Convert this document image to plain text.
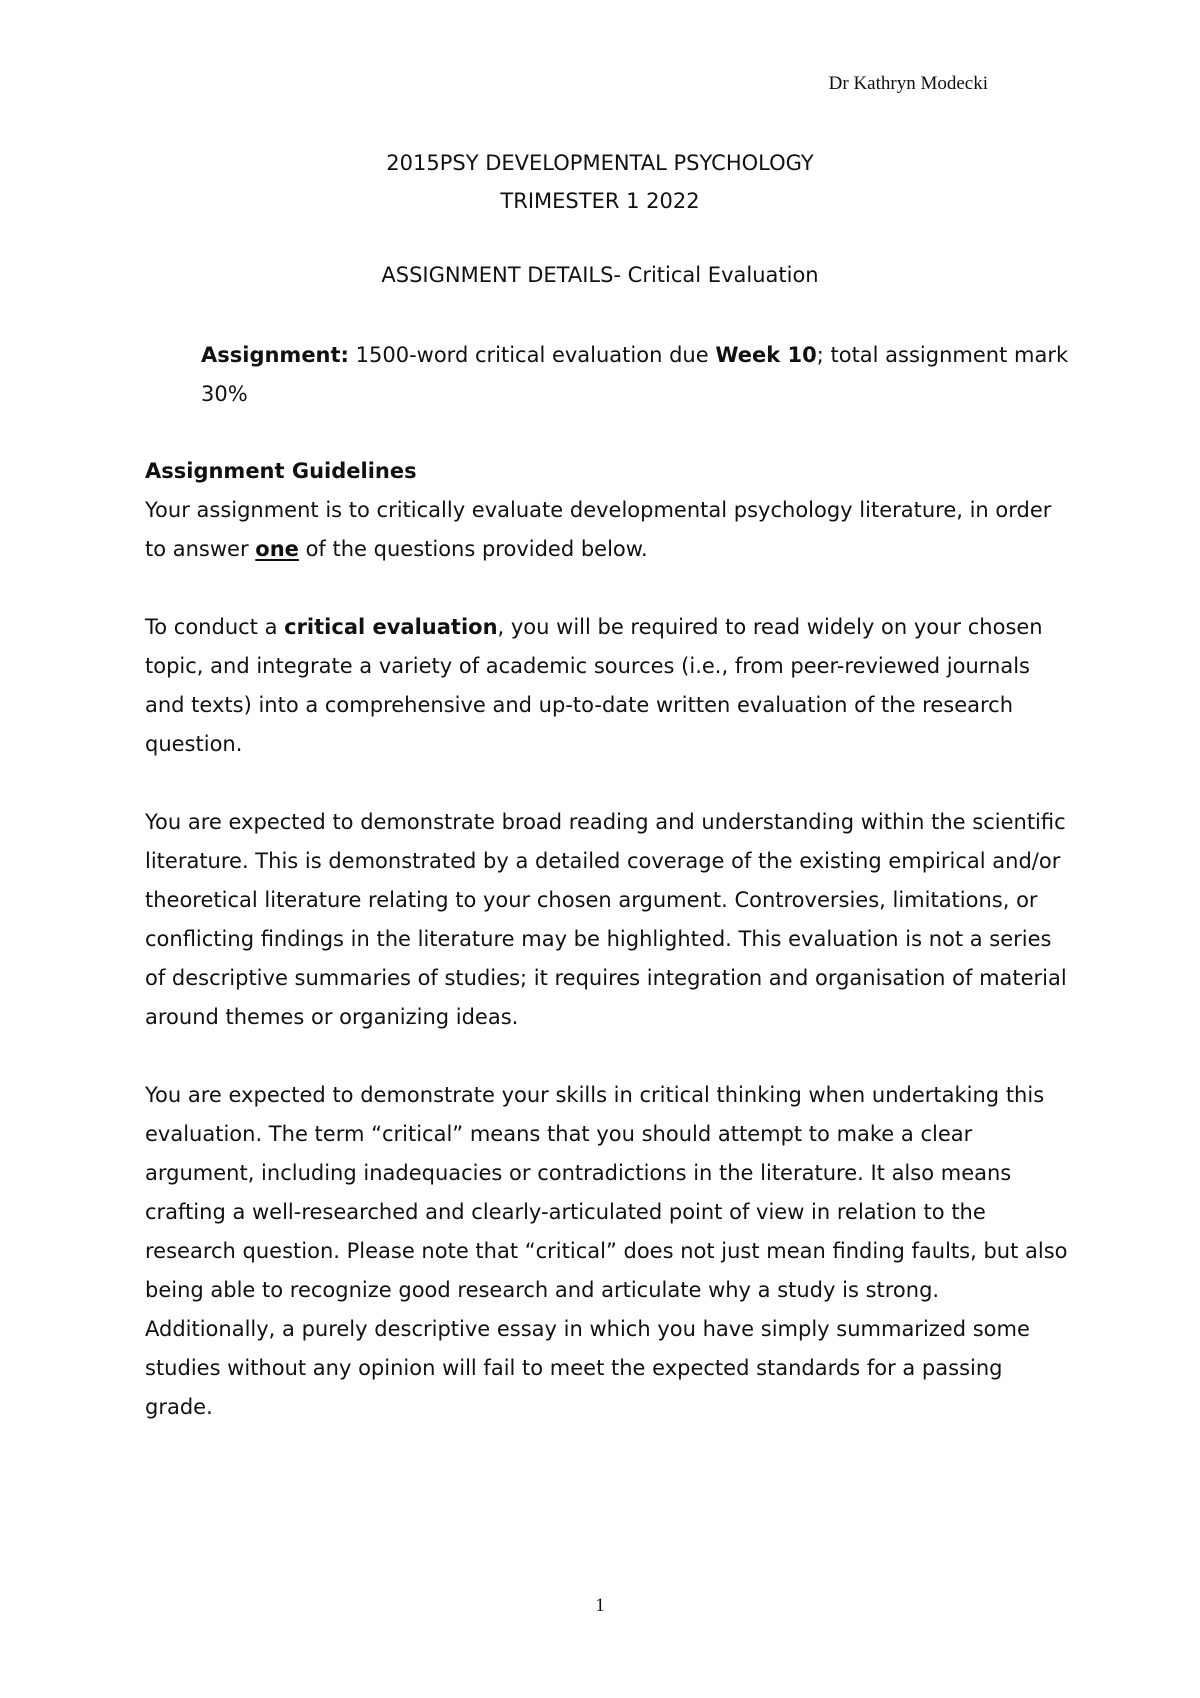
Dr Kathryn Modecki
2015PSY DEVELOPMENTAL PSYCHOLOGY
TRIMESTER 1 2022
ASSIGNMENT DETAILS- Critical Evaluation
Assignment: 1500-word critical evaluation due Week 10; total assignment mark 30%
Assignment Guidelines

Your assignment is to critically evaluate developmental psychology literature, in order to answer one of the questions provided below.

To conduct a critical evaluation, you will be required to read widely on your chosen topic, and integrate a variety of academic sources (i.e., from peer-reviewed journals and texts) into a comprehensive and up-to-date written evaluation of the research question.

You are expected to demonstrate broad reading and understanding within the scientific literature. This is demonstrated by a detailed coverage of the existing empirical and/or theoretical literature relating to your chosen argument. Controversies, limitations, or conflicting findings in the literature may be highlighted. This evaluation is not a series of descriptive summaries of studies; it requires integration and organisation of material around themes or organizing ideas.

You are expected to demonstrate your skills in critical thinking when undertaking this evaluation. The term “critical” means that you should attempt to make a clear argument, including inadequacies or contradictions in the literature. It also means crafting a well-researched and clearly-articulated point of view in relation to the research question. Please note that “critical” does not just mean finding faults, but also being able to recognize good research and articulate why a study is strong. Additionally, a purely descriptive essay in which you have simply summarized some studies without any opinion will fail to meet the expected standards for a passing grade.

1
